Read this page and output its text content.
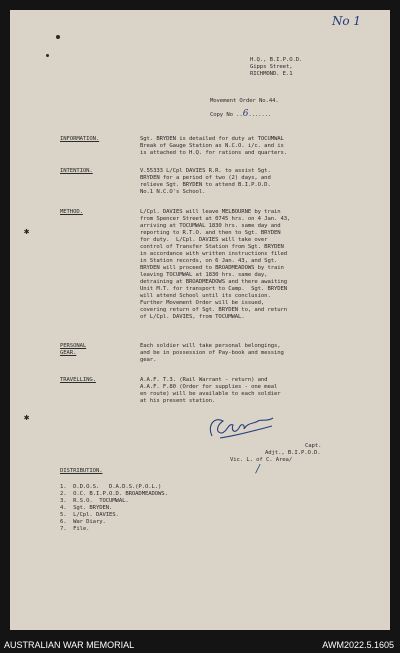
No 1
✱
✱
H.Q., B.I.P.O.D.
Gipps Street,
RICHMOND. E.1
Movement Order No.44.
Copy No ..6.......
INFORMATION.	Sgt. BRYDEN is detailed for duty at TOCUMWAL
Break of Gauge Station as N.C.O. i/c. and is
is attached to H.Q. for rations and quarters.
INTENTION.	V.55333 L/Cpl DAVIES R.R. to assist Sgt.
BRYDEN for a period of two (2) days, and
relieve Sgt. BRYDEN to attend B.I.P.O.D.
No.1 N.C.O's School.
METHOD.	L/Cpl. DAVIES will leave MELBOURNE by train
from Spencer Street at 0745 hrs. on 4 Jan. 43,
arriving at TOCUMWAL 1830 hrs. same day and
reporting to R.T.O. and then to Sgt. BRYDEN
for duty.  L/Cpl. DAVIES will take over
control of Transfer Station from Sgt. BRYDEN
in accordance with written instructions filed
in Station records, on 6 Jan. 43, and Sgt.
BRYDEN will proceed to BROADMEADOWS by train
leaving TOCUMWAL at 1830 hrs. same day,
detraining at BROADMEADOWS and there awaiting
Unit M.T. for transport to Camp.  Sgt. BRYDEN
will attend School until its conclusion.
Further Movement Order will be issued,
covering return of Sgt. BRYDEN to, and return
of L/Cpl. DAVIES, from TOCUMWAL.
PERSONAL
GEAR.
Each soldier will take personal belongings,
and be in possession of Pay-book and messing
gear.
TRAVELLING.	A.A.F. T.3. (Rail Warrant - return) and
A.A.F. F.80 (Order for supplies - one meal
en route) will be available to each soldier
at his present station.
Capt.
Adjt., B.I.P.O.D.
Vic. L. of C. Area/
/
DISTRIBUTION.
1.  D.D.O.S.   D.A.D.S.(P.O.L.)
2.  O.C. B.I.P.O.D. BROADMEADOWS.
3.  R.S.O.  TOCUMWAL.
4.  Sgt. BRYDEN.
5.  L/Cpl. DAVIES.
6.  War Diary.
7.  File.
AUSTRALIAN WAR MEMORIAL	AWM2022.5.1605
